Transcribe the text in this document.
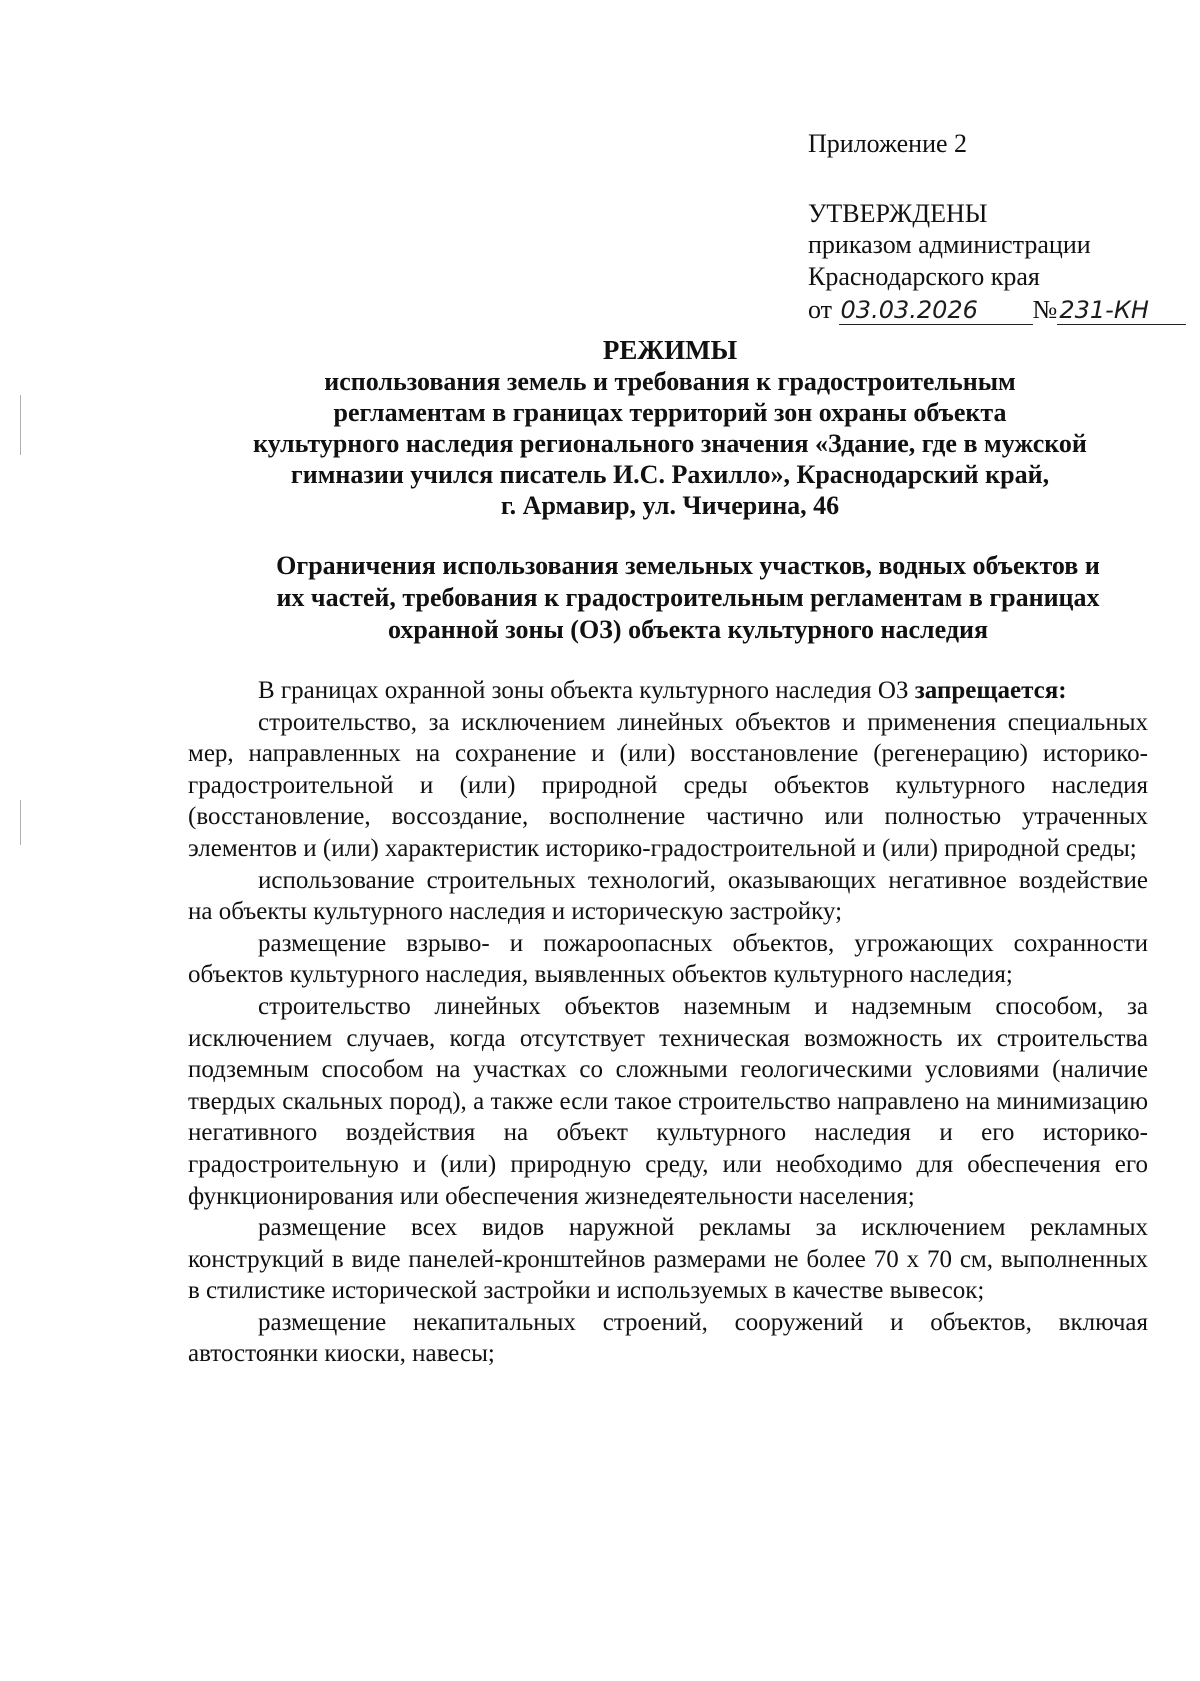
Приложение 2
УТВЕРЖДЕНЫ
приказом администрации
Краснодарского края
от 03.03.2026 №231-КН
РЕЖИМЫ
использования земель и требования к градостроительным
регламентам в границах территорий зон охраны объекта
культурного наследия регионального значения «Здание, где в мужской
гимназии учился писатель И.С. Рахилло», Краснодарский край,
г. Армавир, ул. Чичерина, 46
Ограничения использования земельных участков, водных объектов и
их частей, требования к градостроительным регламентам в границах
охранной зоны (ОЗ) объекта культурного наследия

В границах охранной зоны объекта культурного наследия ОЗ запрещается:

строительство, за исключением линейных объектов и применения специальных мер, направленных на сохранение и (или) восстановление (регенерацию) историко-градостроительной и (или) природной среды объектов культурного наследия (восстановление, воссоздание, восполнение частично или полностью утраченных элементов и (или) характеристик историко-градостроительной и (или) природной среды;

использование строительных технологий, оказывающих негативное воздействие на объекты культурного наследия и историческую застройку;

размещение взрыво- и пожароопасных объектов, угрожающих сохранности объектов культурного наследия, выявленных объектов культурного наследия;

строительство линейных объектов наземным и надземным способом, за исключением случаев, когда отсутствует техническая возможность их строительства подземным способом на участках со сложными геологическими условиями (наличие твердых скальных пород), а также если такое строительство направлено на минимизацию негативного воздействия на объект культурного наследия и его историко-градостроительную и (или) природную среду, или необходимо для обеспечения его функционирования или обеспечения жизнедеятельности населения;

размещение всех видов наружной рекламы за исключением рекламных конструкций в виде панелей-кронштейнов размерами не более 70 х 70 см, выполненных в стилистике исторической застройки и используемых в качестве вывесок;

размещение некапитальных строений, сооружений и объектов, включая автостоянки киоски, навесы;
